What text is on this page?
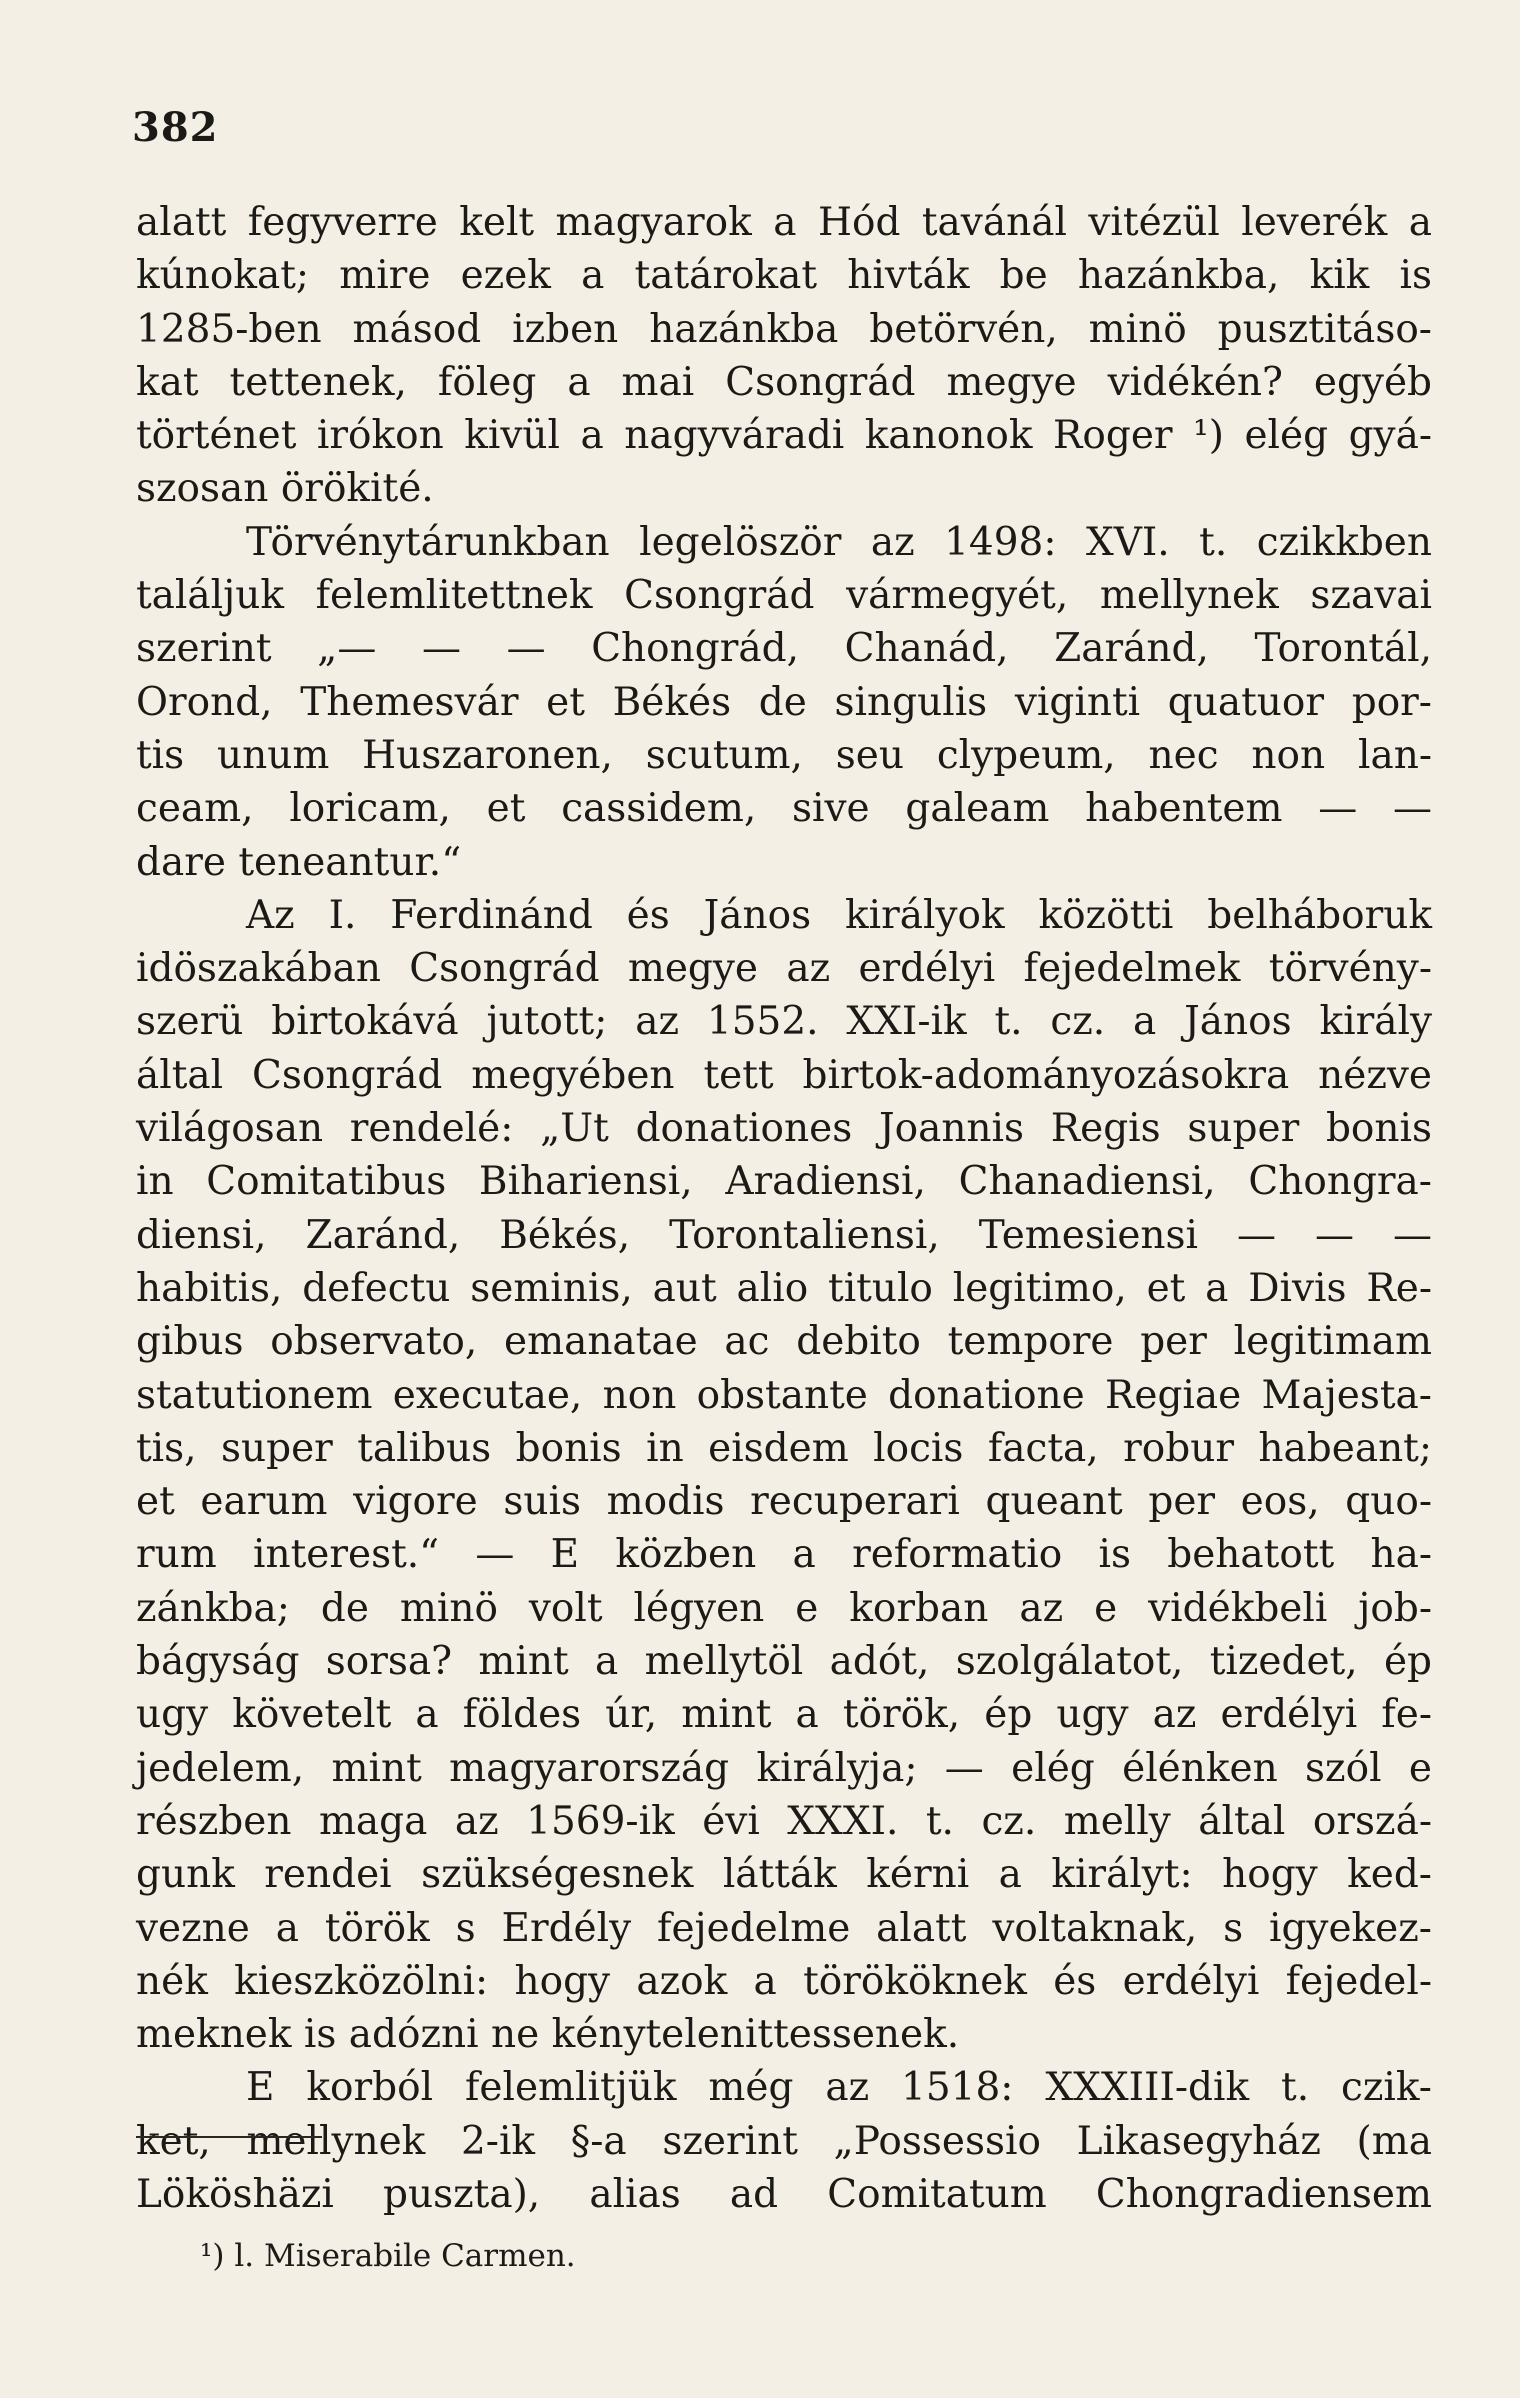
382
alatt fegyverre kelt magyarok a Hód tavánál vitézül leverék a
kúnokat; mire ezek a tatárokat hivták be hazánkba, kik is
1285-ben másod izben hazánkba betörvén, minö pusztitáso-
kat tettenek, föleg a mai Csongrád megye vidékén? egyéb
történet irókon kivül a nagyváradi kanonok Roger ¹) elég gyá-
szosan örökité.
Törvénytárunkban legelöször az 1498: XVI. t. czikkben
találjuk felemlitettnek Csongrád vármegyét, mellynek szavai
szerint „— — — Chongrád, Chanád, Zaránd, Torontál,
Orond, Themesvár et Békés de singulis viginti quatuor por-
tis unum Huszaronen, scutum, seu clypeum, nec non lan-
ceam, loricam, et cassidem, sive galeam habentem — —
dare teneantur.“
Az I. Ferdinánd és János királyok közötti belháboruk
idöszakában Csongrád megye az erdélyi fejedelmek törvény-
szerü birtokává jutott; az 1552. XXI-ik t. cz. a János király
által Csongrád megyében tett birtok-adományozásokra nézve
világosan rendelé: „Ut donationes Joannis Regis super bonis
in Comitatibus Bihariensi, Aradiensi, Chanadiensi, Chongra-
diensi, Zaránd, Békés, Torontaliensi, Temesiensi — — —
habitis, defectu seminis, aut alio titulo legitimo, et a Divis Re-
gibus observato, emanatae ac debito tempore per legitimam
statutionem executae, non obstante donatione Regiae Majesta-
tis, super talibus bonis in eisdem locis facta, robur habeant;
et earum vigore suis modis recuperari queant per eos, quo-
rum interest.“ — E közben a reformatio is behatott ha-
zánkba; de minö volt légyen e korban az e vidékbeli job-
bágyság sorsa? mint a mellytöl adót, szolgálatot, tizedet, ép
ugy követelt a földes úr, mint a török, ép ugy az erdélyi fe-
jedelem, mint magyarország királyja; — elég élénken szól e
részben maga az 1569-ik évi XXXI. t. cz. melly által orszá-
gunk rendei szükségesnek látták kérni a királyt: hogy ked-
vezne a török s Erdély fejedelme alatt voltaknak, s igyekez-
nék kieszközölni: hogy azok a törököknek és erdélyi fejedel-
meknek is adózni ne kénytelenittessenek.
E korból felemlitjük még az 1518: XXXIII-dik t. czik-
ket, mellynek 2-ik §-a szerint „Possessio Likasegyház (ma
Lököshäzi puszta), alias ad Comitatum Chongradiensem
¹) l. Miserabile Carmen.
